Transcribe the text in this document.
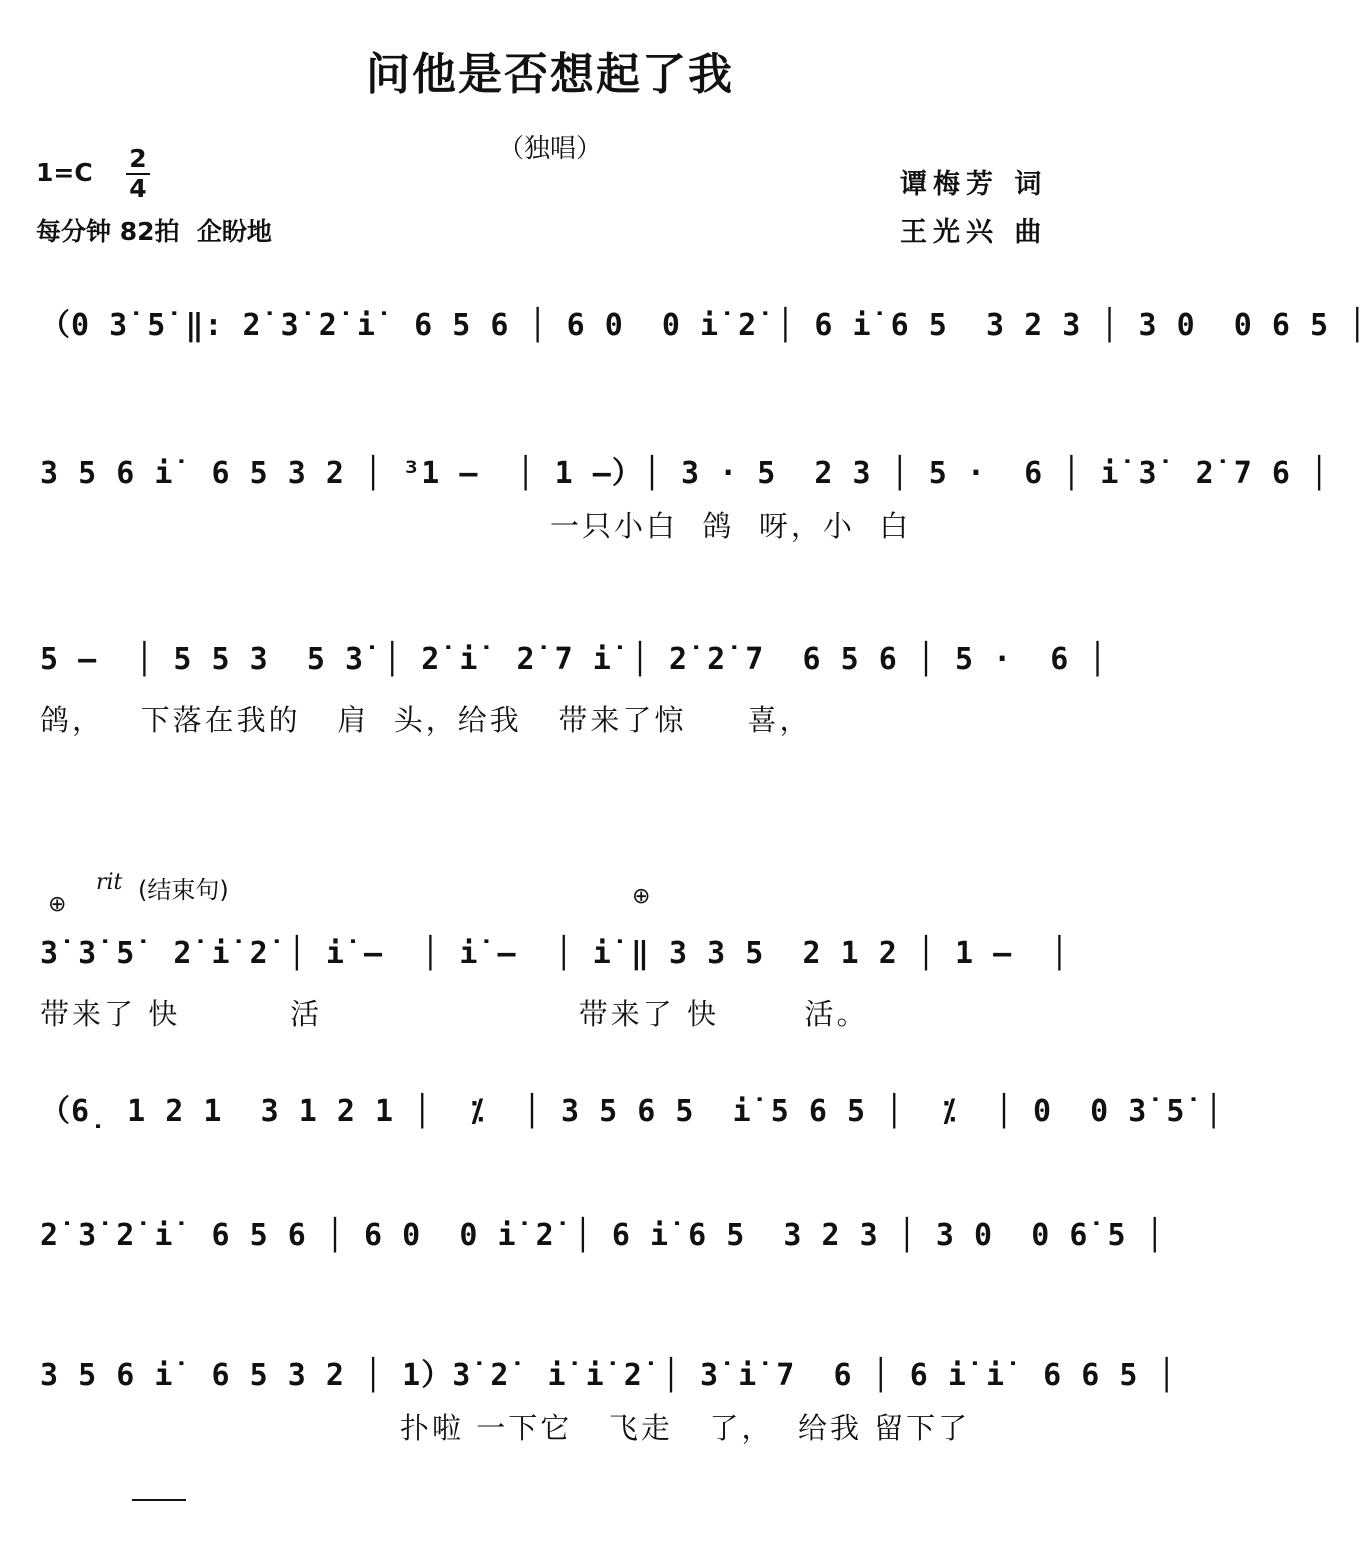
问他是否想起了我
（独唱）
1=C 2
4
每分钟 82拍  企盼地
谭梅芳 词
王光兴 曲
（0 3̇ 5̇ ‖: 2̇ 3̇ 2̇ i̇  6 5 6 │ 6 0  0 i̇ 2̇ │ 6 i̇ 6 5  3 2 3 │ 3 0  0 6 5 │
3 5 6 i̇  6 5 3 2 │ ³1 –  │ 1 –）│ 3 · 5  2 3 │ 5 ·  6 │ i̇ 3̇  2̇ 7 6 │
一只小白  鸽  呀，小  白
5 –  │ 5 5 3  5 3̇ │ 2̇ i̇  2̇ 7 i̇ │ 2̇ 2̇ 7  6 5 6 │ 5 ·  6 │
鸽，   下落在我的   肩  头，给我   带来了惊     喜，
⊕
rit (结束句)	⊕
3̇ 3̇ 5̇  2̇ i̇ 2̇ │ i̇ –  │ i̇ –  │ i̇ ‖ 3 3 5  2 1 2 │ 1 –  │
带来了 快         活                     带来了 快       活。
（6̣ 1 2 1  3 1 2 1 │  ⁒  │ 3 5 6 5  i̇ 5 6 5 │  ⁒  │ 0  0 3̇ 5̇ │
2̇ 3̇ 2̇ i̇  6 5 6 │ 6 0  0 i̇ 2̇ │ 6 i̇ 6 5  3 2 3 │ 3 0  0 6̇ 5 │
3 5 6 i̇  6 5 3 2 │ 1）3̇ 2̇  i̇ i̇ 2̇ │ 3̇ i̇ 7  6 │ 6 i̇ i̇  6 6 5 │
扑啦 一下它   飞走   了，  给我 留下了
